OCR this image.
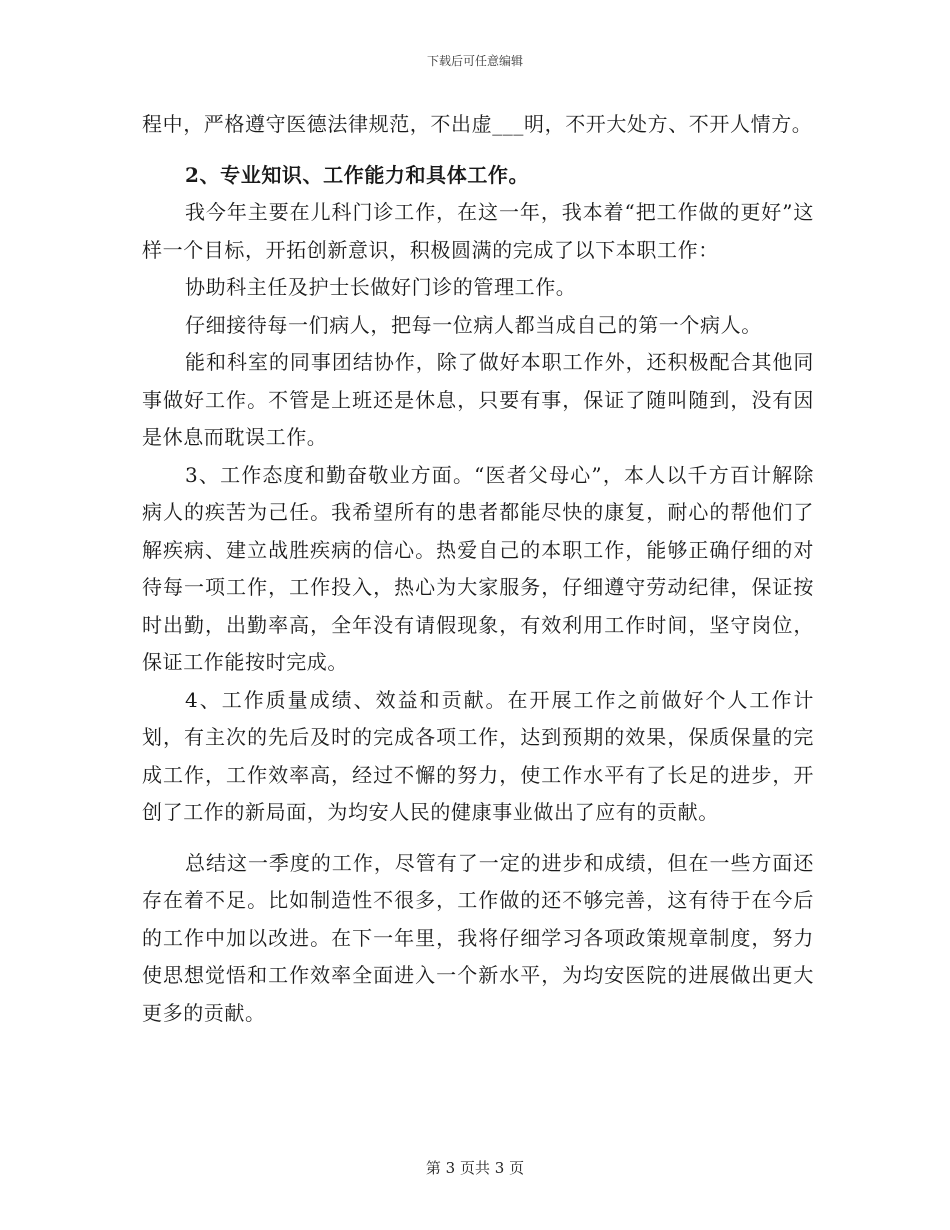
下载后可任意编辑

程中，严格遵守医德法律规范，不出虚___明，不开大处方、不开人情方。

2、专业知识、工作能力和具体工作。

我今年主要在儿科门诊工作，在这一年，我本着“把工作做的更好”这样一个目标，开拓创新意识，积极圆满的完成了以下本职工作：

协助科主任及护士长做好门诊的管理工作。

仔细接待每一们病人，把每一位病人都当成自己的第一个病人。

能和科室的同事团结协作，除了做好本职工作外，还积极配合其他同事做好工作。不管是上班还是休息，只要有事，保证了随叫随到，没有因是休息而耽误工作。

3、工作态度和勤奋敬业方面。“医者父母心”，本人以千方百计解除病人的疾苦为己任。我希望所有的患者都能尽快的康复，耐心的帮他们了解疾病、建立战胜疾病的信心。热爱自己的本职工作，能够正确仔细的对待每一项工作，工作投入，热心为大家服务，仔细遵守劳动纪律，保证按时出勤，出勤率高，全年没有请假现象，有效利用工作时间，坚守岗位，保证工作能按时完成。

4、工作质量成绩、效益和贡献。在开展工作之前做好个人工作计划，有主次的先后及时的完成各项工作，达到预期的效果，保质保量的完成工作，工作效率高，经过不懈的努力，使工作水平有了长足的进步，开创了工作的新局面，为均安人民的健康事业做出了应有的贡献。

总结这一季度的工作，尽管有了一定的进步和成绩，但在一些方面还存在着不足。比如制造性不很多，工作做的还不够完善，这有待于在今后的工作中加以改进。在下一年里，我将仔细学习各项政策规章制度，努力使思想觉悟和工作效率全面进入一个新水平，为均安医院的进展做出更大更多的贡献。

第 3 页共 3 页
